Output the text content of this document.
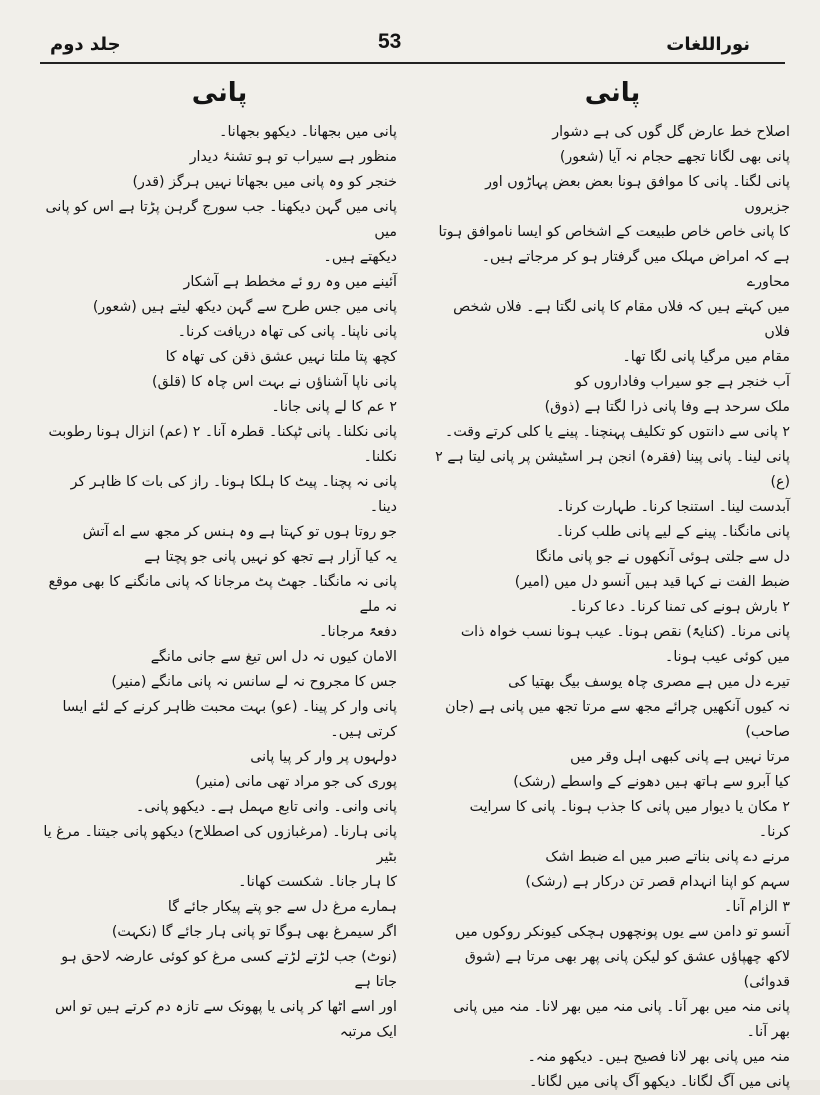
نوراللغات
53
جلد دوم
پانی

اصلاح خط عارض گل گوں کی ہے دشوار

پانی بھی لگانا تجھے حجام نہ آیا (شعور)

پانی لگنا۔ پانی کا موافق ہونا بعض بعض پہاڑوں اور جزیروں

کا پانی خاص خاص طبیعت کے اشخاص کو ایسا ناموافق ہوتا

ہے کہ امراض مہلک میں گرفتار ہو کر مرجاتے ہیں۔ محاورے

میں کہتے ہیں کہ فلاں مقام کا پانی لگتا ہے۔ فلاں شخص فلاں

مقام میں مرگیا پانی لگا تھا۔

آب خنجر ہے جو سیراب وفاداروں کو

ملک سرحد ہے وفا پانی ذرا لگتا ہے (ذوق)

۲ پانی سے دانتوں کو تکلیف پہنچنا۔ پینے یا کلی کرتے وقت۔

پانی لینا۔ پانی پینا (فقرہ) انجن ہر اسٹیشن پر پانی لیتا ہے ۲ (ع)

آبدست لینا۔ استنجا کرنا۔ طہارت کرنا۔

پانی مانگنا۔ پینے کے لیے پانی طلب کرنا۔

دل سے جلتی ہوئی آنکھوں نے جو پانی مانگا

ضبط الفت نے کہا قید ہیں آنسو دل میں (امیر)

۲ بارش ہونے کی تمنا کرنا۔ دعا کرنا۔

پانی مرنا۔ (کنایۃً) نقص ہونا۔ عیب ہونا نسب خواہ ذات

میں کوئی عیب ہونا۔

تیرے دل میں ہے مصری چاہ یوسف بیگ بھتیا کی

نہ کیوں آنکھیں چرائے مجھ سے مرتا تجھ میں پانی ہے (جان صاحب)

مرتا نہیں ہے پانی کبھی اہل وقر میں

کیا آبرو سے ہاتھ ہیں دھونے کے واسطے (رشک)

۲ مکان یا دیوار میں پانی کا جذب ہونا۔ پانی کا سرایت کرنا۔

مرنے دے پانی بناتے صبر میں اے ضبط اشک

سہم کو اپنا انہدام قصر تن درکار ہے (رشک)

۳ الزام آنا۔

آنسو تو دامن سے یوں پونچھوں ہچکی کیونکر روکوں میں

لاکھ چھپاؤں عشق کو لیکن پانی پھر بھی مرتا ہے (شوق قدوائی)

پانی منہ میں بھر آنا۔ پانی منہ میں بھر لانا۔ منہ میں پانی بھر آنا۔

منہ میں پانی بھر لانا فصیح ہیں۔ دیکھو منہ۔

پانی میں آگ لگانا۔ دیکھو آگ پانی میں لگانا۔

پانی

پانی میں بجھانا۔ دیکھو بجھانا۔

منظور ہے سیراب تو ہو تشنۂ دیدار

خنجر کو وہ پانی میں بجھاتا نہیں ہرگز (قدر)

پانی میں گہن دیکھنا۔ جب سورج گرہن پڑتا ہے اس کو پانی میں

دیکھتے ہیں۔

آئینے میں وہ رو ئے مخطط ہے آشکار

پانی میں جس طرح سے گہن دیکھ لیتے ہیں (شعور)

پانی ناپنا۔ پانی کی تھاہ دریافت کرنا۔

کچھ پتا ملتا نہیں عشق ذقن کی تھاہ کا

پانی ناپا آشناؤں نے بہت اس چاہ کا (قلق)

۲ عم کا لے پانی جانا۔

پانی نکلنا۔ پانی ٹپکنا۔ قطرہ آنا۔ ۲ (عم) انزال ہونا رطوبت

نکلنا۔

پانی نہ پچنا۔ پیٹ کا ہلکا ہونا۔ راز کی بات کا ظاہر کر دینا۔

جو روتا ہوں تو کہتا ہے وہ ہنس کر مجھ سے اے آتش

یہ کیا آزار ہے تجھ کو نہیں پانی جو پچتا ہے

پانی نہ مانگنا۔ جھٹ پٹ مرجانا کہ پانی مانگنے کا بھی موقع نہ ملے

دفعۃً مرجانا۔

الامان کیوں نہ دل اس تیغ سے جانی مانگے

جس کا مجروح نہ لے سانس نہ پانی مانگے (منیر)

پانی وار کر پینا۔ (عو) بہت محبت ظاہر کرنے کے لئے ایسا

کرتی ہیں۔

دولہوں پر وار کر پیا پانی

پوری کی جو مراد تھی مانی (منیر)

پانی وانی۔ وانی تابع مہمل ہے۔ دیکھو پانی۔

پانی ہارنا۔ (مرغبازوں کی اصطلاح) دیکھو پانی جیتنا۔ مرغ یا بٹیر

کا ہار جانا۔ شکست کھانا۔

ہمارے مرغ دل سے جو پتے پیکار جائے گا

اگر سیمرغ بھی ہوگا تو پانی ہار جائے گا (نکہت)

(نوٹ) جب لڑتے لڑتے کسی مرغ کو کوئی عارضہ لاحق ہو جاتا ہے

اور اسے اٹھا کر پانی یا پھونک سے تازہ دم کرتے ہیں تو اس ایک مرتبہ
